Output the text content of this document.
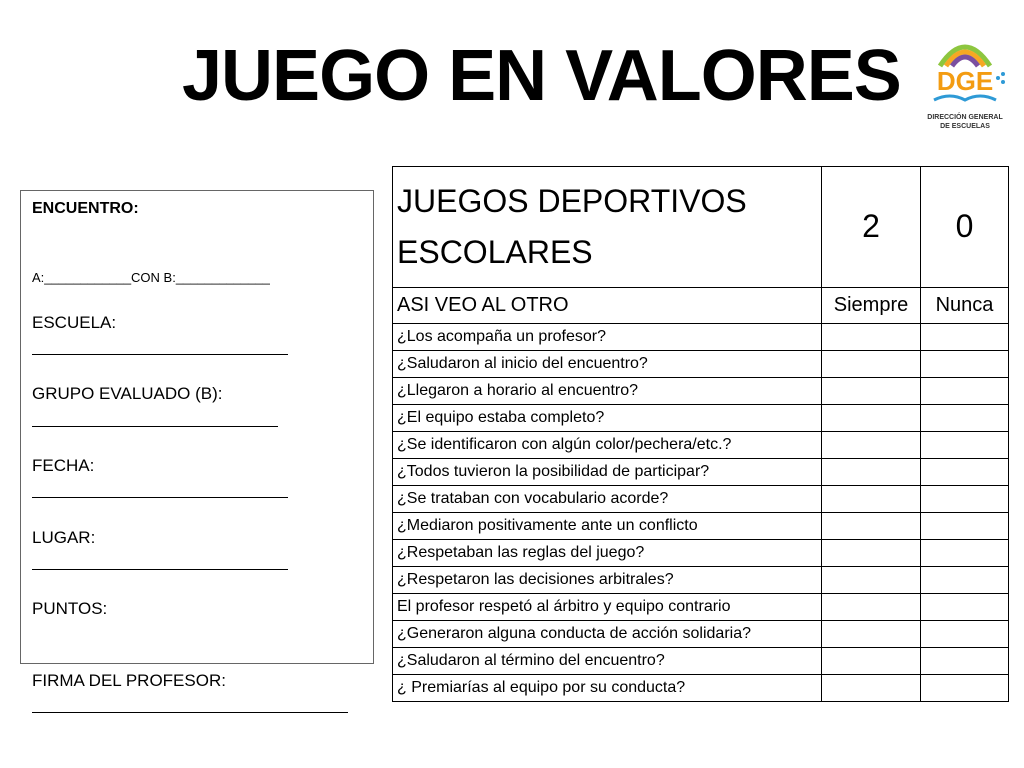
JUEGO EN VALORES DGE
DIRECCIÓN GENERAL
DE ESCUELAS
ENCUENTRO:
A:____________CON B:_____________
ESCUELA:
GRUPO EVALUADO (B):
FECHA:
LUGAR:
PUNTOS:
FIRMA DEL PROFESOR:
JUEGOS DEPORTIVOS
ESCOLARES	2	0
ASI VEO AL OTRO	Siempre	Nunca
¿Los acompaña un profesor?		
¿Saludaron al inicio del encuentro?		
¿Llegaron a horario al encuentro?		
¿El equipo estaba completo?		
¿Se identificaron con algún color/pechera/etc.?		
¿Todos tuvieron la posibilidad de participar?		
¿Se trataban con vocabulario acorde?		
¿Mediaron positivamente ante un conflicto		
¿Respetaban las reglas del juego?		
¿Respetaron las decisiones arbitrales?		
El profesor respetó al árbitro y equipo contrario		
¿Generaron alguna conducta de acción solidaria?		
¿Saludaron al término del encuentro?		
¿ Premiarías al equipo por su conducta?		
